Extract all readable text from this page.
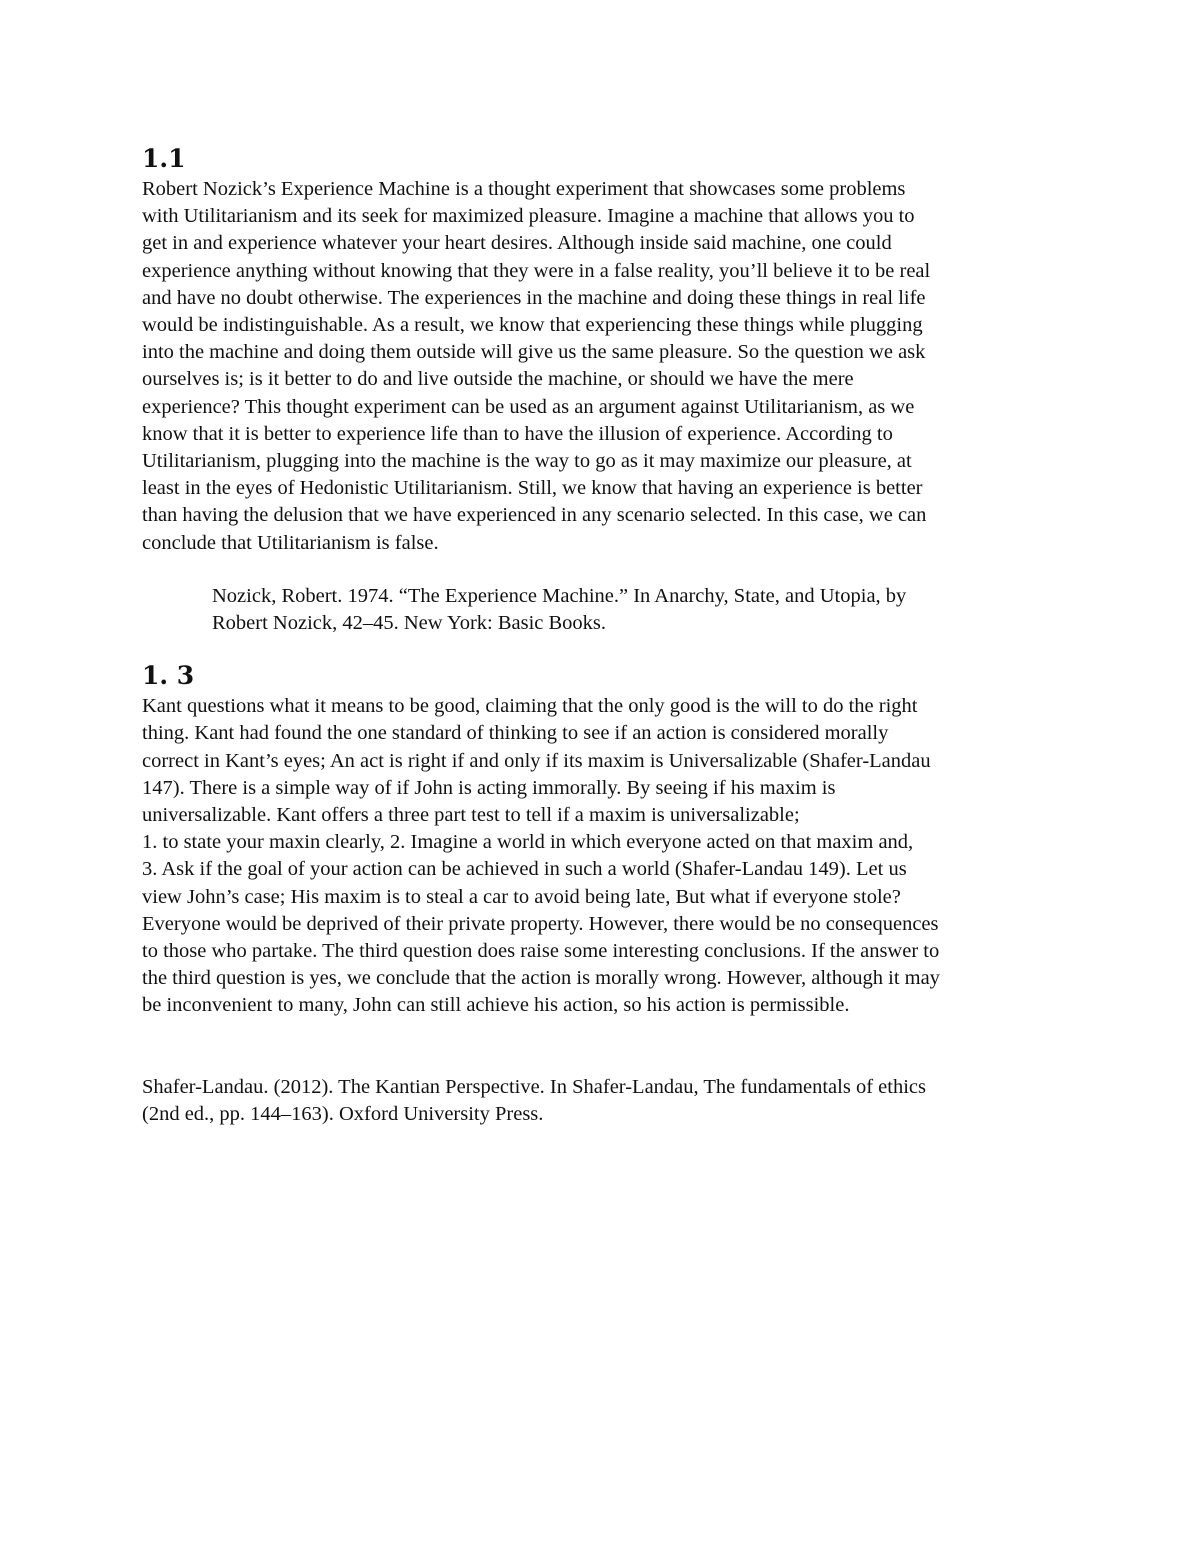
1.1

Robert Nozick’s Experience Machine is a thought experiment that showcases some problems
with Utilitarianism and its seek for maximized pleasure. Imagine a machine that allows you to
get in and experience whatever your heart desires. Although inside said machine, one could
experience anything without knowing that they were in a false reality, you’ll believe it to be real
and have no doubt otherwise. The experiences in the machine and doing these things in real life
would be indistinguishable. As a result, we know that experiencing these things while plugging
into the machine and doing them outside will give us the same pleasure. So the question we ask
ourselves is; is it better to do and live outside the machine, or should we have the mere
experience? This thought experiment can be used as an argument against Utilitarianism, as we
know that it is better to experience life than to have the illusion of experience. According to
Utilitarianism, plugging into the machine is the way to go as it may maximize our pleasure, at
least in the eyes of Hedonistic Utilitarianism. Still, we know that having an experience is better
than having the delusion that we have experienced in any scenario selected. In this case, we can
conclude that Utilitarianism is false.

Nozick, Robert. 1974. “The Experience Machine.” In Anarchy, State, and Utopia, by
Robert Nozick, 42–45. New York: Basic Books.

1. 3

Kant questions what it means to be good, claiming that the only good is the will to do the right
thing. Kant had found the one standard of thinking to see if an action is considered morally
correct in Kant’s eyes; An act is right if and only if its maxim is Universalizable (Shafer-Landau
147). There is a simple way of if John is acting immorally. By seeing if his maxim is
universalizable. Kant offers a three part test to tell if a maxim is universalizable;
1. to state your maxin clearly, 2. Imagine a world in which everyone acted on that maxim and,
3. Ask if the goal of your action can be achieved in such a world (Shafer-Landau 149). Let us
view John’s case; His maxim is to steal a car to avoid being late, But what if everyone stole?
Everyone would be deprived of their private property. However, there would be no consequences
to those who partake. The third question does raise some interesting conclusions. If the answer to
the third question is yes, we conclude that the action is morally wrong. However, although it may
be inconvenient to many, John can still achieve his action, so his action is permissible.

Shafer-Landau. (2012). The Kantian Perspective. In Shafer-Landau, The fundamentals of ethics
(2nd ed., pp. 144–163). Oxford University Press.
